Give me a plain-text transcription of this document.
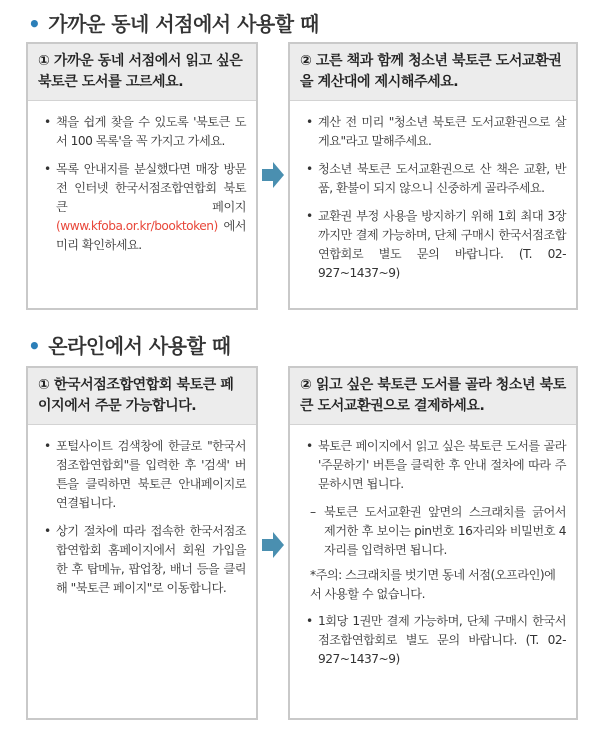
• 가까운 동네 서점에서 사용할 때
① 가까운 동네 서점에서 읽고 싶은 북토큰 도서를 고르세요.
• 책을 쉽게 찾을 수 있도록 '북토큰 도서 100 목록'을 꼭 가지고 가세요.
• 목록 안내지를 분실했다면 매장 방문 전 인터넷 한국서점조합연합회 북토큰 페이지 (www.kfoba.or.kr/booktoken) 에서 미리 확인하세요.
② 고른 책과 함께 청소년 북토큰 도서교환권을 계산대에 제시해주세요.
• 계산 전 미리 "청소년 북토큰 도서교환권으로 살게요"라고 말해주세요.
• 청소년 북토큰 도서교환권으로 산 책은 교환, 반품, 환불이 되지 않으니 신중하게 골라주세요.
• 교환권 부정 사용을 방지하기 위해 1회 최대 3장까지만 결제 가능하며, 단체 구매시 한국서점조합연합회로 별도 문의 바랍니다. (T. 02-927~1437~9)
• 온라인에서 사용할 때
① 한국서점조합연합회 북토큰 페이지에서 주문 가능합니다.
• 포털사이트 검색창에 한글로 "한국서점조합연합회"를 입력한 후 '검색' 버튼을 클릭하면 북토큰 안내페이지로 연결됩니다.
• 상기 절차에 따라 접속한 한국서점조합연합회 홈페이지에서 회원 가입을 한 후 탑메뉴, 팝업창, 배너 등을 클릭해 "북토큰 페이지"로 이동합니다.
② 읽고 싶은 북토큰 도서를 골라 청소년 북토큰 도서교환권으로 결제하세요.
• 북토큰 페이지에서 읽고 싶은 북토큰 도서를 골라 '주문하기' 버튼을 클릭한 후 안내 절차에 따라 주문하시면 됩니다.
– 북토큰 도서교환권 앞면의 스크래치를 긁어서 제거한 후 보이는 pin번호 16자리와 비밀번호 4자리를 입력하면 됩니다.
*주의: 스크래치를 벗기면 동네 서점(오프라인)에서 사용할 수 없습니다.
• 1회당 1권만 결제 가능하며, 단체 구매시 한국서점조합연합회로 별도 문의 바랍니다. (T. 02-927~1437~9)
